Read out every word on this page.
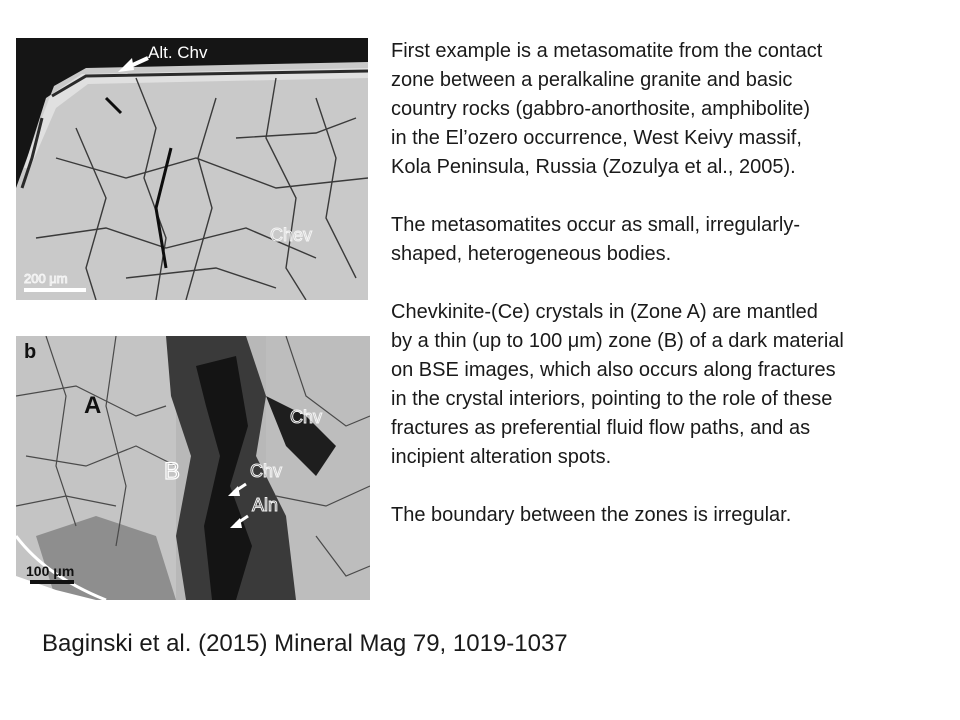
Alt. Chv
Chev
200 μm
b
A
B
Chv
Chv
Aln
100 μm

First example is a metasomatite from the contact
zone between a peralkaline granite and basic
country rocks (gabbro-anorthosite, amphibolite)
in the El’ozero occurrence, West Keivy massif,
Kola Peninsula, Russia (Zozulya et al., 2005).

The metasomatites occur as small, irregularly-
shaped, heterogeneous bodies.

Chevkinite-(Ce) crystals in (Zone A) are mantled
by a thin (up to 100 μm) zone (B) of a dark material
on BSE images, which also occurs along fractures
in the crystal interiors, pointing to the role of these
fractures as preferential fluid flow paths, and as
incipient alteration spots.

The boundary between the zones is irregular.

Baginski et al. (2015) Mineral Mag 79, 1019-1037
